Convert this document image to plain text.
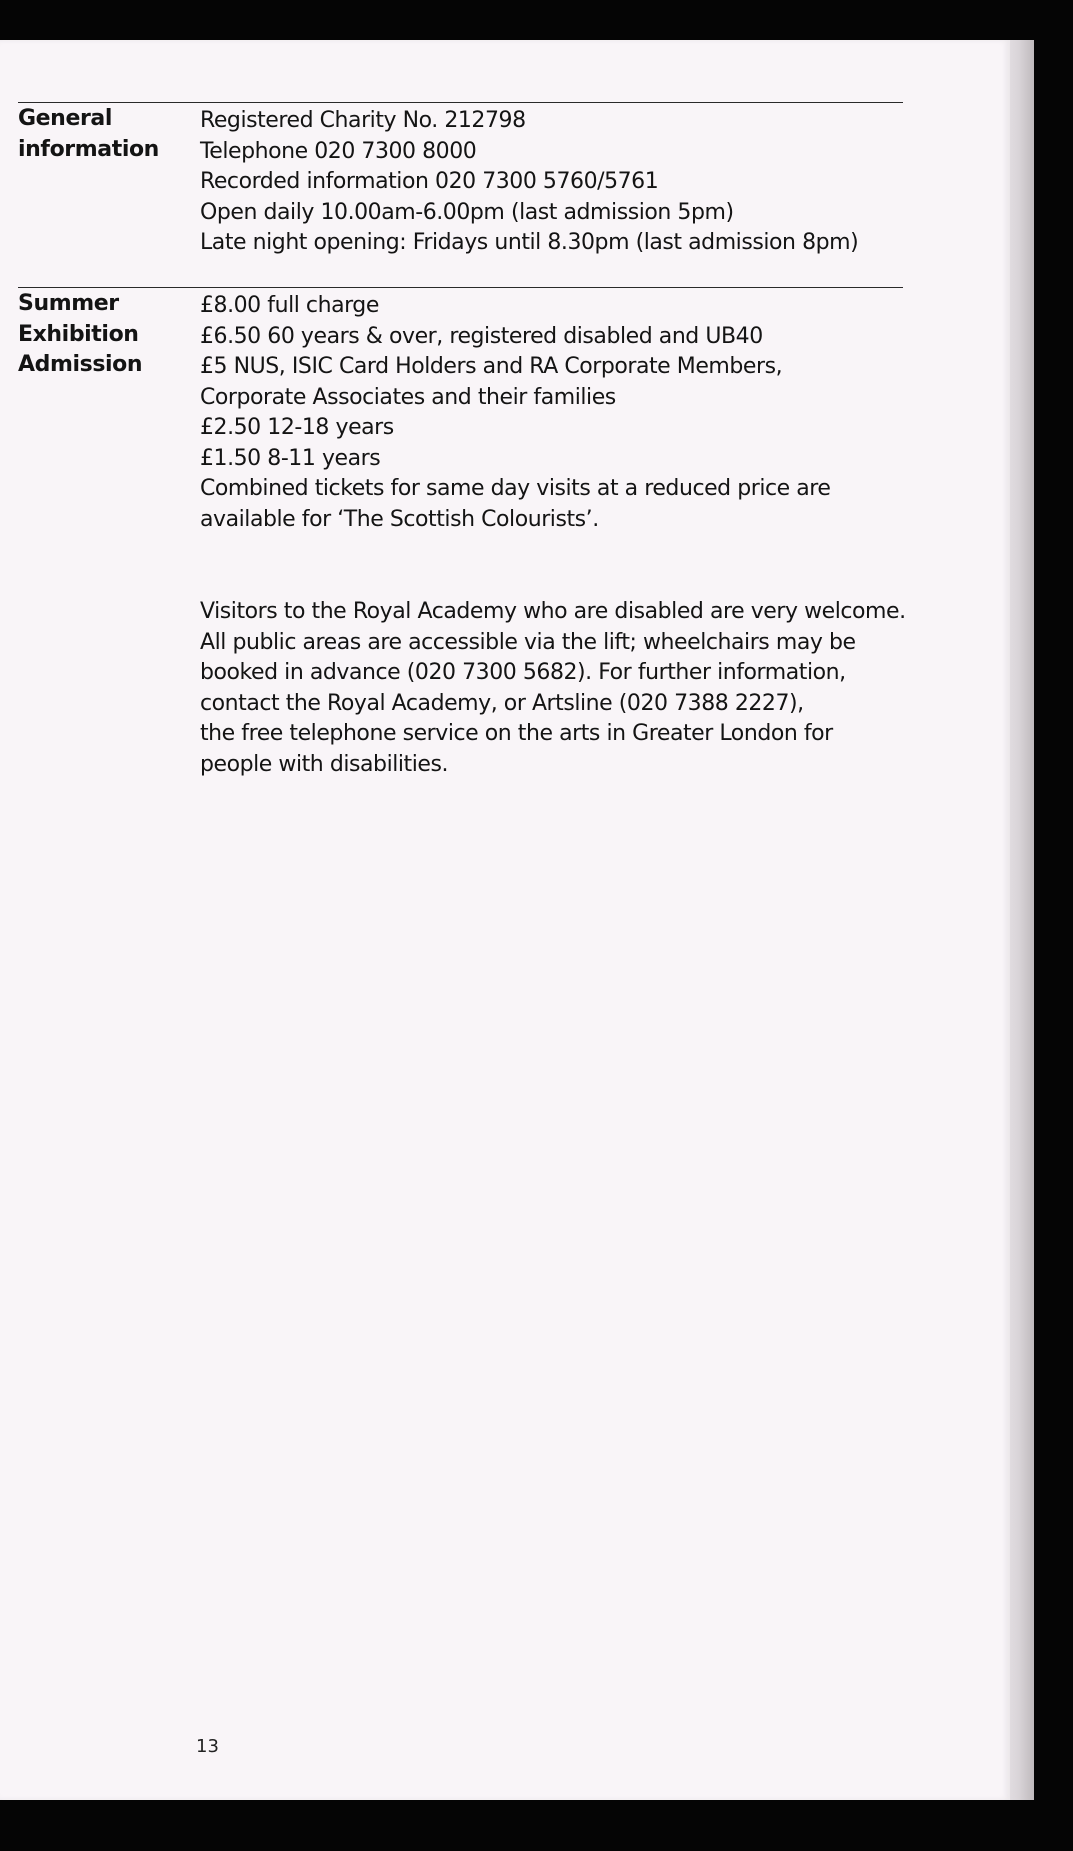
General
information
Registered Charity No. 212798
Telephone 020 7300 8000
Recorded information 020 7300 5760/5761
Open daily 10.00am-6.00pm (last admission 5pm)
Late night opening: Fridays until 8.30pm (last admission 8pm)
Summer
Exhibition
Admission
£8.00 full charge
£6.50 60 years & over, registered disabled and UB40
£5 NUS, ISIC Card Holders and RA Corporate Members,
Corporate Associates and their families
£2.50 12-18 years
£1.50 8-11 years
Combined tickets for same day visits at a reduced price are
available for ‘The Scottish Colourists’.
Visitors to the Royal Academy who are disabled are very welcome.
All public areas are accessible via the lift; wheelchairs may be
booked in advance (020 7300 5682). For further information,
contact the Royal Academy, or Artsline (020 7388 2227),
the free telephone service on the arts in Greater London for
people with disabilities.
13
